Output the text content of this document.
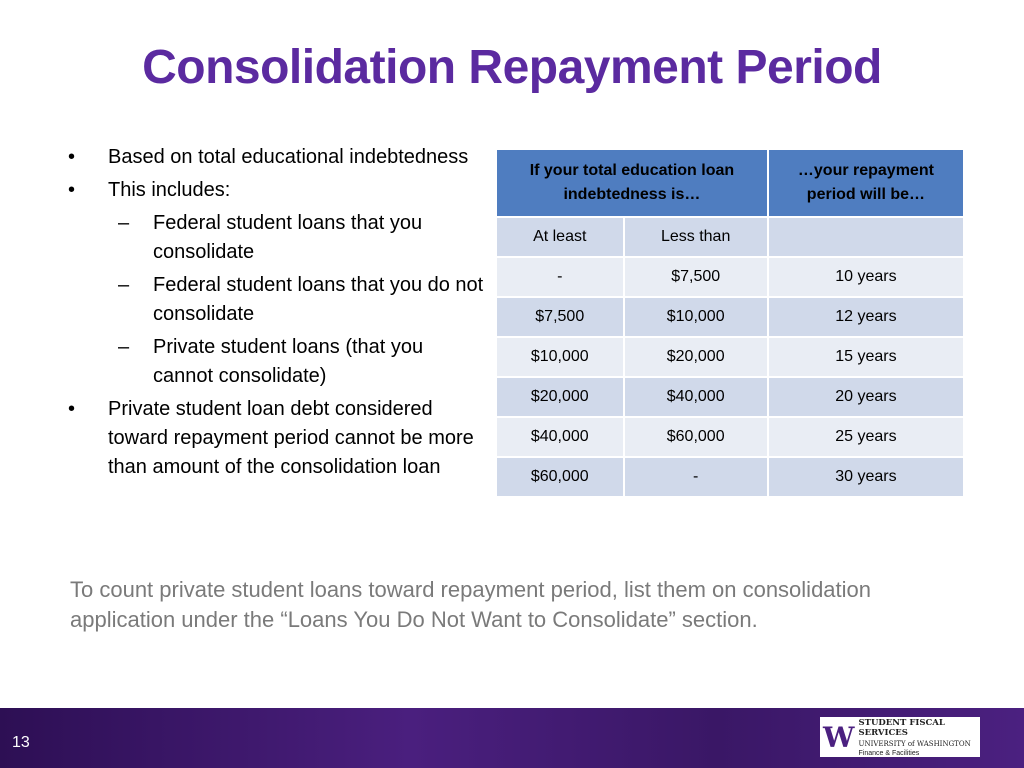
Consolidation Repayment Period
•	Based on total educational indebtedness
•	This includes:
–	Federal student loans that you consolidate
–	Federal student loans that you do not consolidate
–	Private student loans (that you cannot consolidate)
•	Private student loan debt considered toward repayment period cannot be more than amount of the consolidation loan
If your total education loan indebtedness is…		…your repayment period will be…
At least	Less than	
-	$7,500	10 years
$7,500	$10,000	12 years
$10,000	$20,000	15 years
$20,000	$40,000	20 years
$40,000	$60,000	25 years
$60,000	-	30 years
To count private student loans toward repayment period, list them on consolidation application under the “Loans You Do Not Want to Consolidate” section.
13	W STUDENT FISCAL SERVICES
UNIVERSITY of WASHINGTON
Finance & Facilities
